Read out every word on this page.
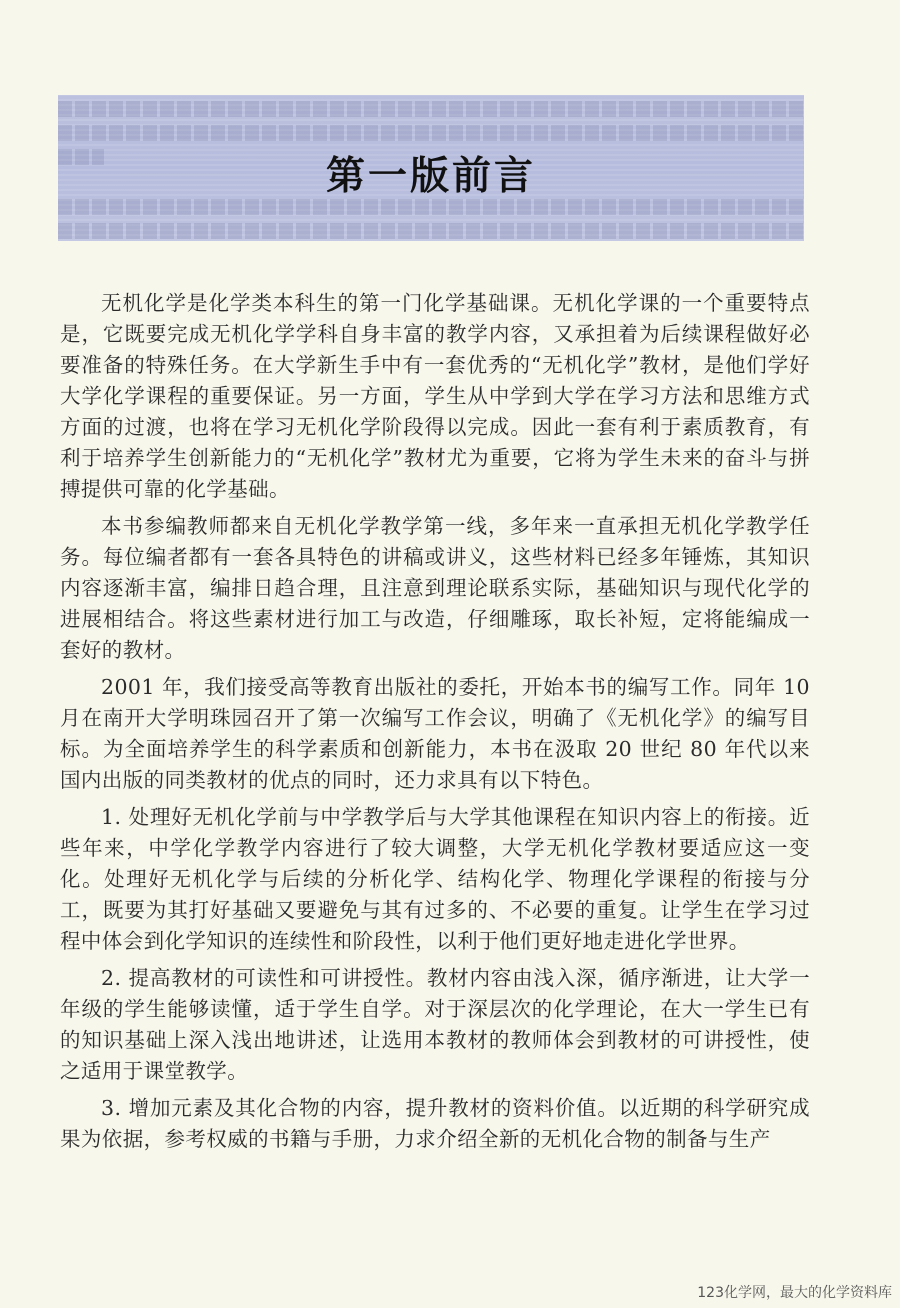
第一版前言

无机化学是化学类本科生的第一门化学基础课。无机化学课的一个重要特点是，它既要完成无机化学学科自身丰富的教学内容，又承担着为后续课程做好必要准备的特殊任务。在大学新生手中有一套优秀的“无机化学”教材，是他们学好大学化学课程的重要保证。另一方面，学生从中学到大学在学习方法和思维方式方面的过渡，也将在学习无机化学阶段得以完成。因此一套有利于素质教育，有利于培养学生创新能力的“无机化学”教材尤为重要，它将为学生未来的奋斗与拼搏提供可靠的化学基础。

本书参编教师都来自无机化学教学第一线，多年来一直承担无机化学教学任务。每位编者都有一套各具特色的讲稿或讲义，这些材料已经多年锤炼，其知识内容逐渐丰富，编排日趋合理，且注意到理论联系实际，基础知识与现代化学的进展相结合。将这些素材进行加工与改造，仔细雕琢，取长补短，定将能编成一套好的教材。

2001 年，我们接受高等教育出版社的委托，开始本书的编写工作。同年 10 月在南开大学明珠园召开了第一次编写工作会议，明确了《无机化学》的编写目标。为全面培养学生的科学素质和创新能力，本书在汲取 20 世纪 80 年代以来国内出版的同类教材的优点的同时，还力求具有以下特色。

1. 处理好无机化学前与中学教学后与大学其他课程在知识内容上的衔接。近些年来，中学化学教学内容进行了较大调整，大学无机化学教材要适应这一变化。处理好无机化学与后续的分析化学、结构化学、物理化学课程的衔接与分工，既要为其打好基础又要避免与其有过多的、不必要的重复。让学生在学习过程中体会到化学知识的连续性和阶段性，以利于他们更好地走进化学世界。

2. 提高教材的可读性和可讲授性。教材内容由浅入深，循序渐进，让大学一年级的学生能够读懂，适于学生自学。对于深层次的化学理论，在大一学生已有的知识基础上深入浅出地讲述，让选用本教材的教师体会到教材的可讲授性，使之适用于课堂教学。

3. 增加元素及其化合物的内容，提升教材的资料价值。以近期的科学研究成果为依据，参考权威的书籍与手册，力求介绍全新的无机化合物的制备与生产

123化学网，最大的化学资料库
